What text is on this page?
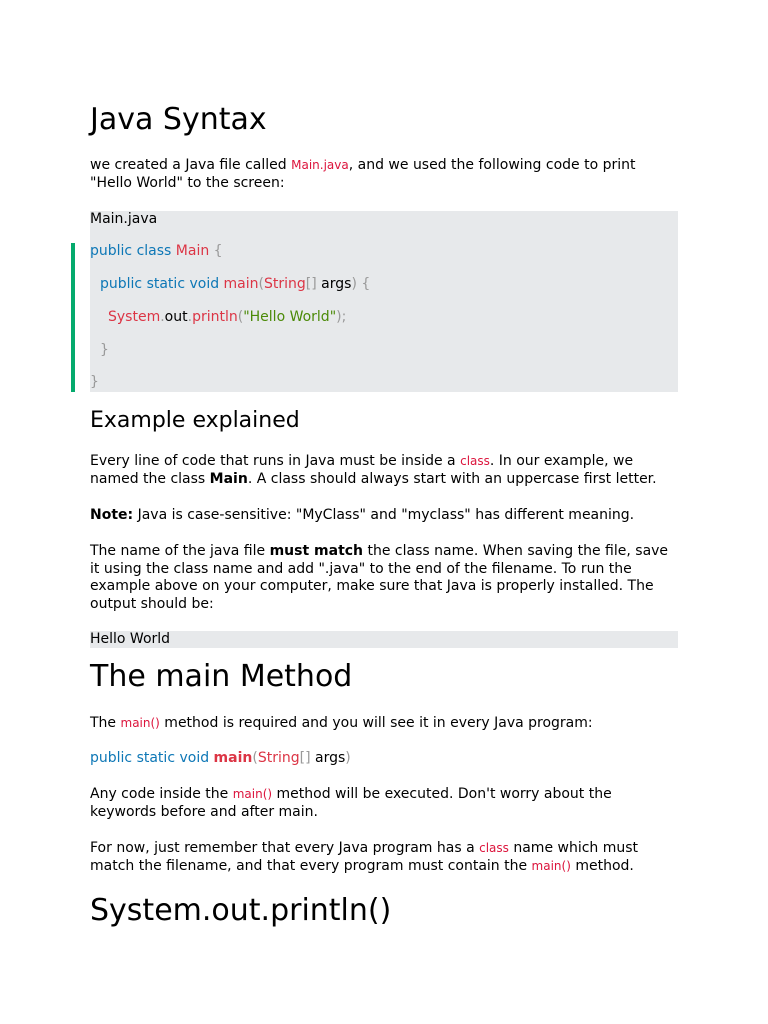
Java Syntax

we created a Java file called Main.java, and we used the following code to print "Hello World" to the screen:

Main.java
public class Main {
public static void main(String[] args) {
System.out.println("Hello World");
}
}
Example explained

Every line of code that runs in Java must be inside a class. In our example, we named the class Main. A class should always start with an uppercase first letter.

Note: Java is case-sensitive: "MyClass" and "myclass" has different meaning.

The name of the java file must match the class name. When saving the file, save it using the class name and add ".java" to the end of the filename. To run the example above on your computer, make sure that Java is properly installed. The output should be:

Hello World
The main Method

The main() method is required and you will see it in every Java program:

public static void main(String[] args)

Any code inside the main() method will be executed. Don't worry about the keywords before and after main.

For now, just remember that every Java program has a class name which must match the filename, and that every program must contain the main() method.

System.out.println()
